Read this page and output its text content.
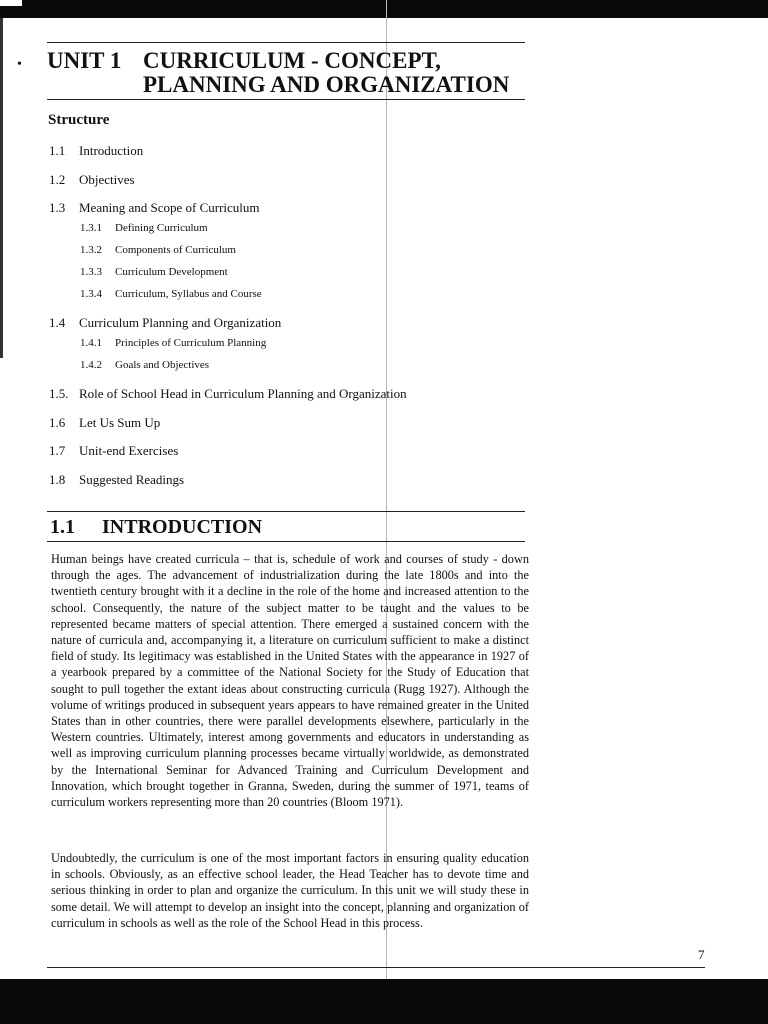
• UNIT 1 CURRICULUM - CONCEPT,
PLANNING AND ORGANIZATION
Structure
1.1 Introduction
1.2 Objectives
1.3 Meaning and Scope of Curriculum
1.3.1 Defining Curriculum
1.3.2 Components of Curriculum
1.3.3 Curriculum Development
1.3.4 Curriculum, Syllabus and Course
1.4 Curriculum Planning and Organization
1.4.1 Principles of Curriculum Planning
1.4.2 Goals and Objectives
1.5. Role of School Head in Curriculum Planning and Organization
1.6 Let Us Sum Up
1.7 Unit-end Exercises
1.8 Suggested Readings
1.1 INTRODUCTION
Human beings have created curricula – that is, schedule of work and courses of study - down through the ages. The advancement of industrialization during the late 1800s and into the twentieth century brought with it a decline in the role of the home and increased attention to the school. Consequently, the nature of the subject matter to be taught and the values to be represented became matters of special attention. There emerged a sustained concern with the nature of curricula and, accompanying it, a literature on curriculum sufficient to make a distinct field of study. Its legitimacy was established in the United States with the appearance in 1927 of a yearbook prepared by a committee of the National Society for the Study of Education that sought to pull together the extant ideas about constructing curricula (Rugg 1927). Although the volume of writings produced in subsequent years appears to have remained greater in the United States than in other countries, there were parallel developments elsewhere, particularly in the Western countries. Ultimately, interest among governments and educators in understanding as well as improving curriculum planning processes became virtually worldwide, as demonstrated by the International Seminar for Advanced Training and Curriculum Development and Innovation, which brought together in Granna, Sweden, during the summer of 1971, teams of curriculum workers representing more than 20 countries (Bloom 1971).
Undoubtedly, the curriculum is one of the most important factors in ensuring quality education in schools. Obviously, as an effective school leader, the Head Teacher has to devote time and serious thinking in order to plan and organize the curriculum. In this unit we will study these in some detail. We will attempt to develop an insight into the concept, planning and organization of curriculum in schools as well as the role of the School Head in this process.
7
